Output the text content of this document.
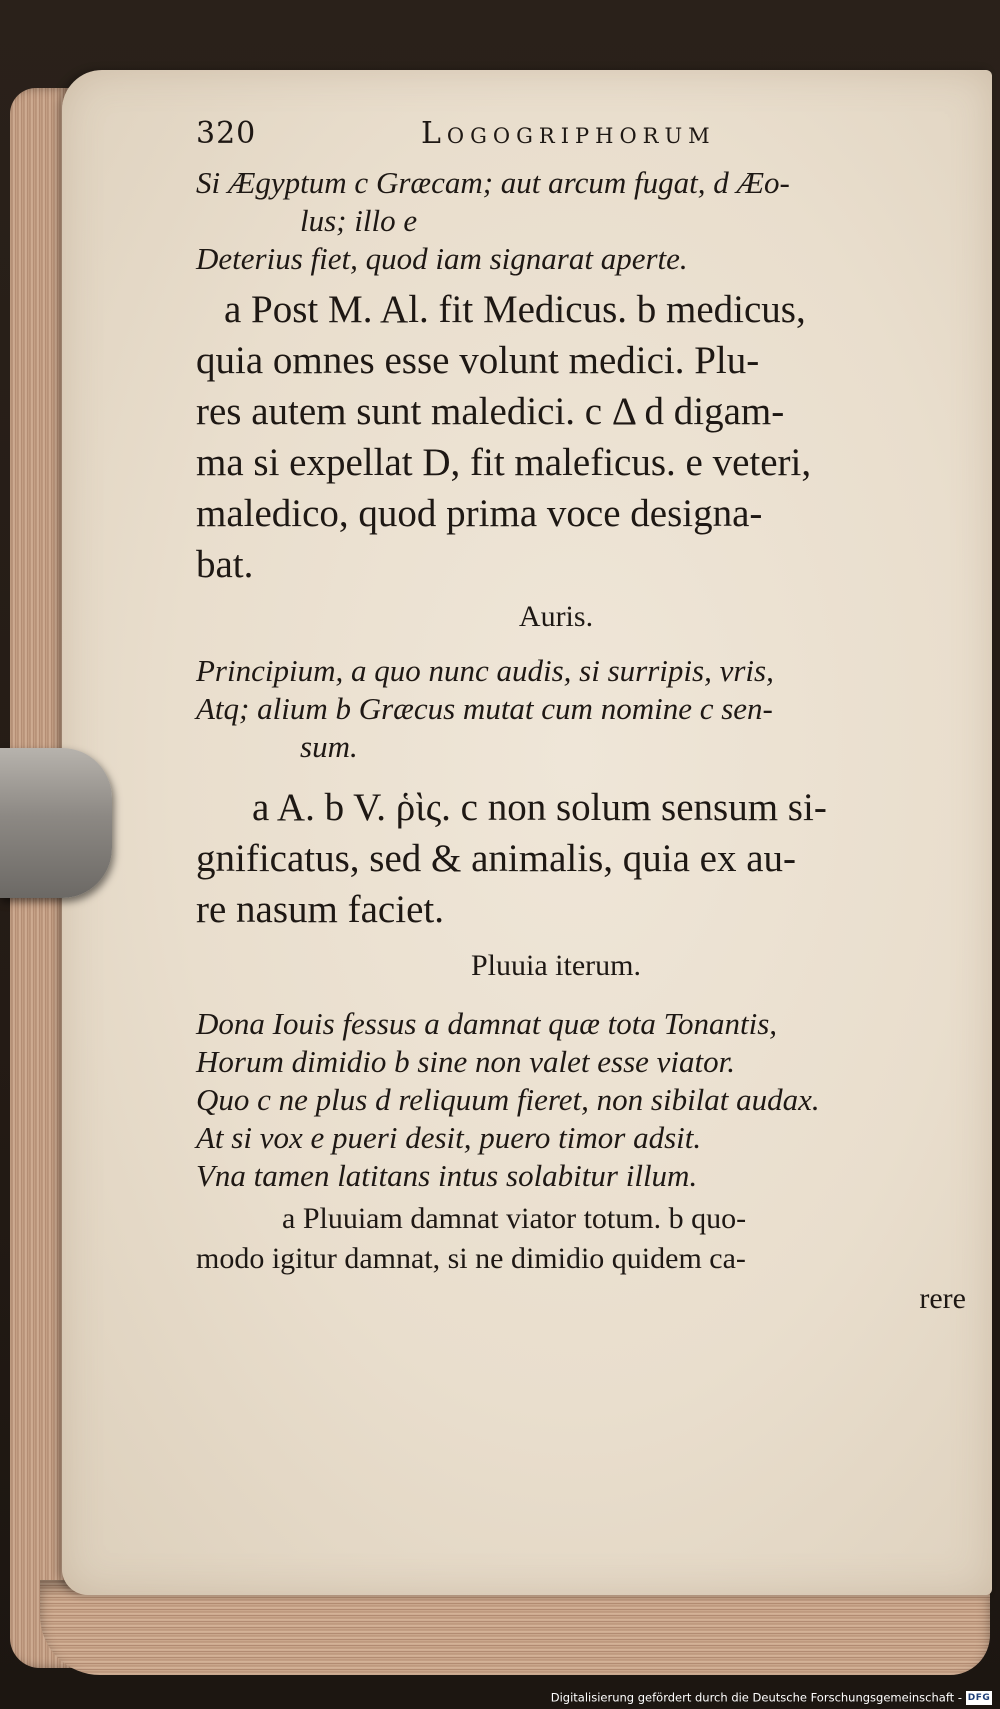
320	Logogriphorum

Si Ægyptum c Græcam; aut arcum fugat, d Æo-

lus; illo e

Deterius fiet, quod iam signarat aperte.

a Post M. Al. fit Medicus. b medicus,

quia omnes esse volunt medici. Plu-

res autem sunt maledici. c Δ d digam-

ma si expellat D, fit maleficus. e veteri,

maledico, quod prima voce designa-

bat.

Auris.

Principium, a quo nunc audis, si surripis, vris,

Atq; alium b Græcus mutat cum nomine c sen-

sum.

a A. b V. ῥὶς. c non solum sensum si-

gnificatus, sed & animalis, quia ex au-

re nasum faciet.

Pluuia iterum.

Dona Iouis fessus a damnat quæ tota Tonantis,

Horum dimidio b sine non valet esse viator.

Quo c ne plus d reliquum fieret, non sibilat audax.

At si vox e pueri desit, puero timor adsit.

Vna tamen latitans intus solabitur illum.

a Pluuiam damnat viator totum. b quo-

modo igitur damnat, si ne dimidio quidem ca-

rere

Digitalisierung gefördert durch die Deutsche Forschungsgemeinschaft - DFG
